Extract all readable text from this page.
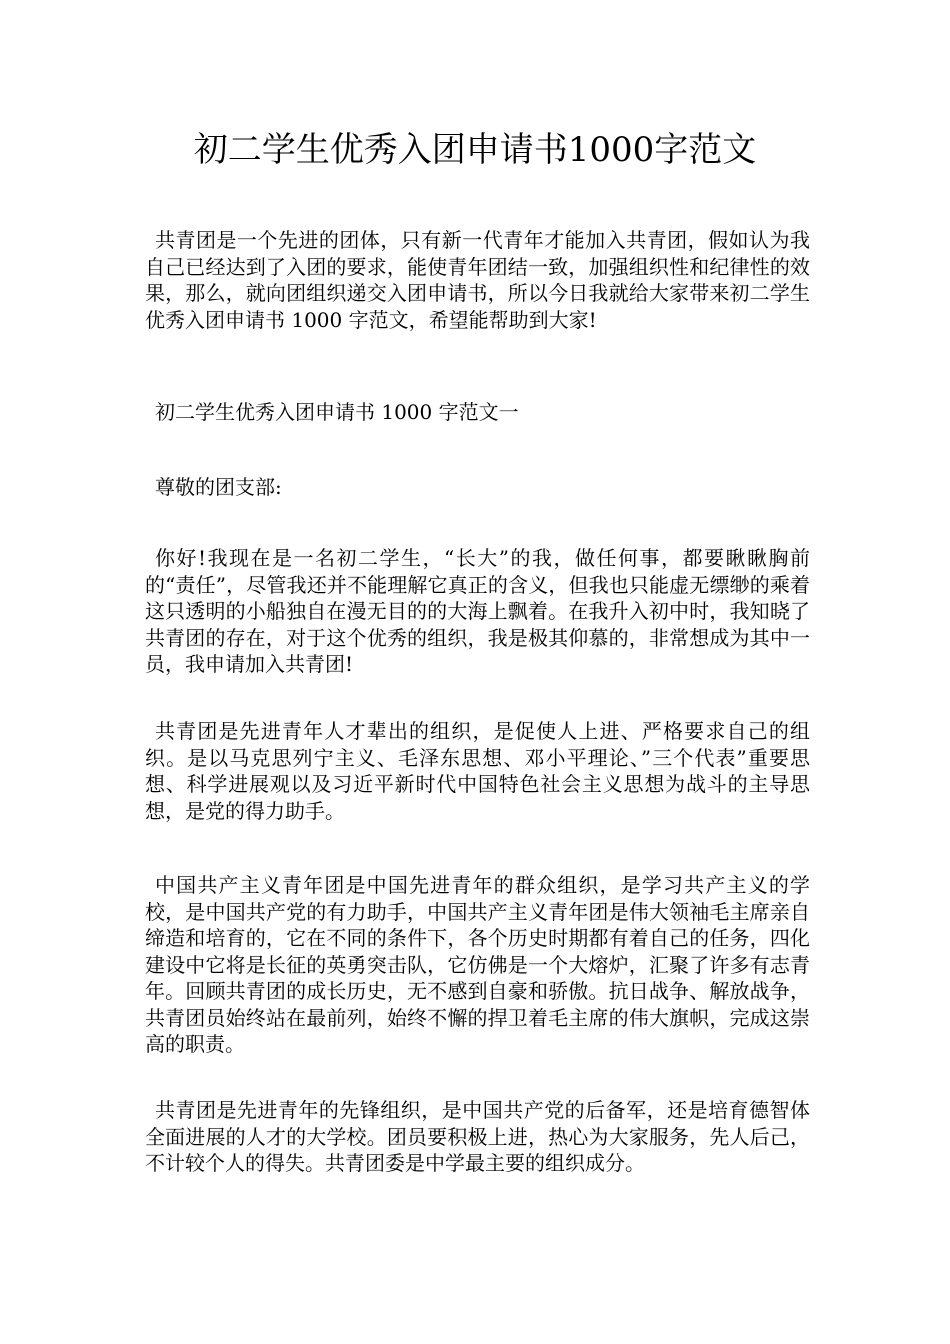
初二学生优秀入团申请书1000字范文

共青团是一个先进的团体，只有新一代青年才能加入共青团，假如认为我自己已经达到了入团的要求，能使青年团结一致，加强组织性和纪律性的效果，那么，就向团组织递交入团申请书，所以今日我就给大家带来初二学生优秀入团申请书 1000 字范文，希望能帮助到大家!

初二学生优秀入团申请书 1000 字范文一

尊敬的团支部:

你好!我现在是一名初二学生，“长大”的我，做任何事，都要瞅瞅胸前的“责任”，尽管我还并不能理解它真正的含义，但我也只能虚无缥缈的乘着这只透明的小船独自在漫无目的的大海上飘着。在我升入初中时，我知晓了共青团的存在，对于这个优秀的组织，我是极其仰慕的，非常想成为其中一员，我申请加入共青团!

共青团是先进青年人才辈出的组织，是促使人上进、严格要求自己的组织。是以马克思列宁主义、毛泽东思想、邓小平理论、”三个代表”重要思想、科学进展观以及习近平新时代中国特色社会主义思想为战斗的主导思想，是党的得力助手。

中国共产主义青年团是中国先进青年的群众组织，是学习共产主义的学校，是中国共产党的有力助手，中国共产主义青年团是伟大领袖毛主席亲自缔造和培育的，它在不同的条件下，各个历史时期都有着自己的任务，四化建设中它将是长征的英勇突击队，它仿佛是一个大熔炉，汇聚了许多有志青年。回顾共青团的成长历史，无不感到自豪和骄傲。抗日战争、解放战争，共青团员始终站在最前列，始终不懈的捍卫着毛主席的伟大旗帜，完成这崇高的职责。

共青团是先进青年的先锋组织，是中国共产党的后备军，还是培育德智体全面进展的人才的大学校。团员要积极上进，热心为大家服务，先人后己，不计较个人的得失。共青团委是中学最主要的组织成分。
